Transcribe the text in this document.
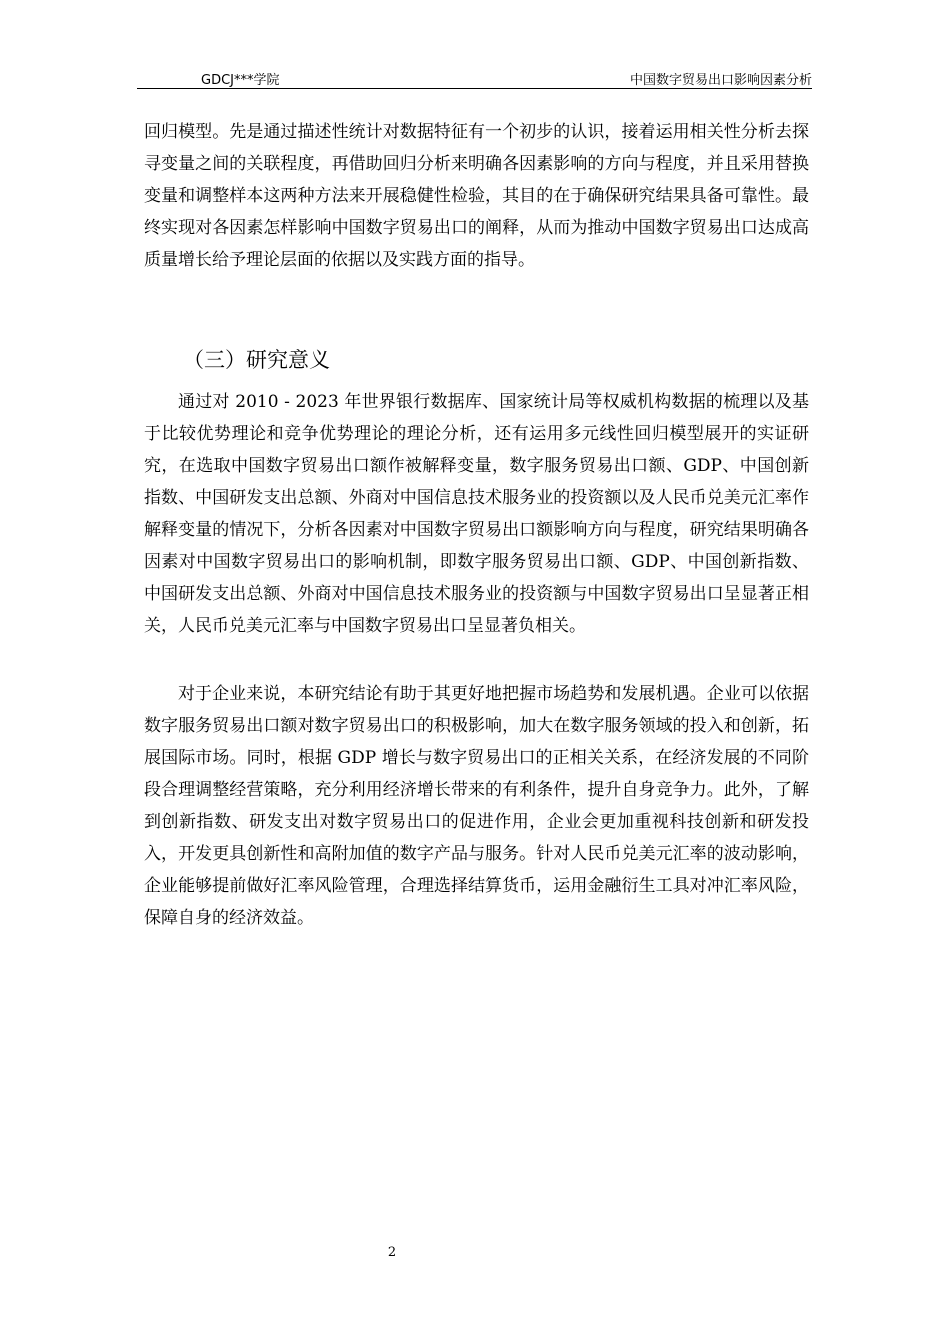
GDCJ***学院	中国数字贸易出口影响因素分析

回归模型。先是通过描述性统计对数据特征有一个初步的认识，接着运用相关性分析去探寻变量之间的关联程度，再借助回归分析来明确各因素影响的方向与程度，并且采用替换变量和调整样本这两种方法来开展稳健性检验，其目的在于确保研究结果具备可靠性。最终实现对各因素怎样影响中国数字贸易出口的阐释，从而为推动中国数字贸易出口达成高质量增长给予理论层面的依据以及实践方面的指导。

（三）研究意义

通过对 2010 - 2023 年世界银行数据库、国家统计局等权威机构数据的梳理以及基于比较优势理论和竞争优势理论的理论分析，还有运用多元线性回归模型展开的实证研究，在选取中国数字贸易出口额作被解释变量，数字服务贸易出口额、GDP、中国创新指数、中国研发支出总额、外商对中国信息技术服务业的投资额以及人民币兑美元汇率作解释变量的情况下，分析各因素对中国数字贸易出口额影响方向与程度，研究结果明确各因素对中国数字贸易出口的影响机制，即数字服务贸易出口额、GDP、中国创新指数、中国研发支出总额、外商对中国信息技术服务业的投资额与中国数字贸易出口呈显著正相关，人民币兑美元汇率与中国数字贸易出口呈显著负相关。

对于企业来说，本研究结论有助于其更好地把握市场趋势和发展机遇。企业可以依据数字服务贸易出口额对数字贸易出口的积极影响，加大在数字服务领域的投入和创新，拓展国际市场。同时，根据 GDP 增长与数字贸易出口的正相关关系，在经济发展的不同阶段合理调整经营策略，充分利用经济增长带来的有利条件，提升自身竞争力。此外，了解到创新指数、研发支出对数字贸易出口的促进作用，企业会更加重视科技创新和研发投入，开发更具创新性和高附加值的数字产品与服务。针对人民币兑美元汇率的波动影响，企业能够提前做好汇率风险管理，合理选择结算货币，运用金融衍生工具对冲汇率风险，保障自身的经济效益。

2
